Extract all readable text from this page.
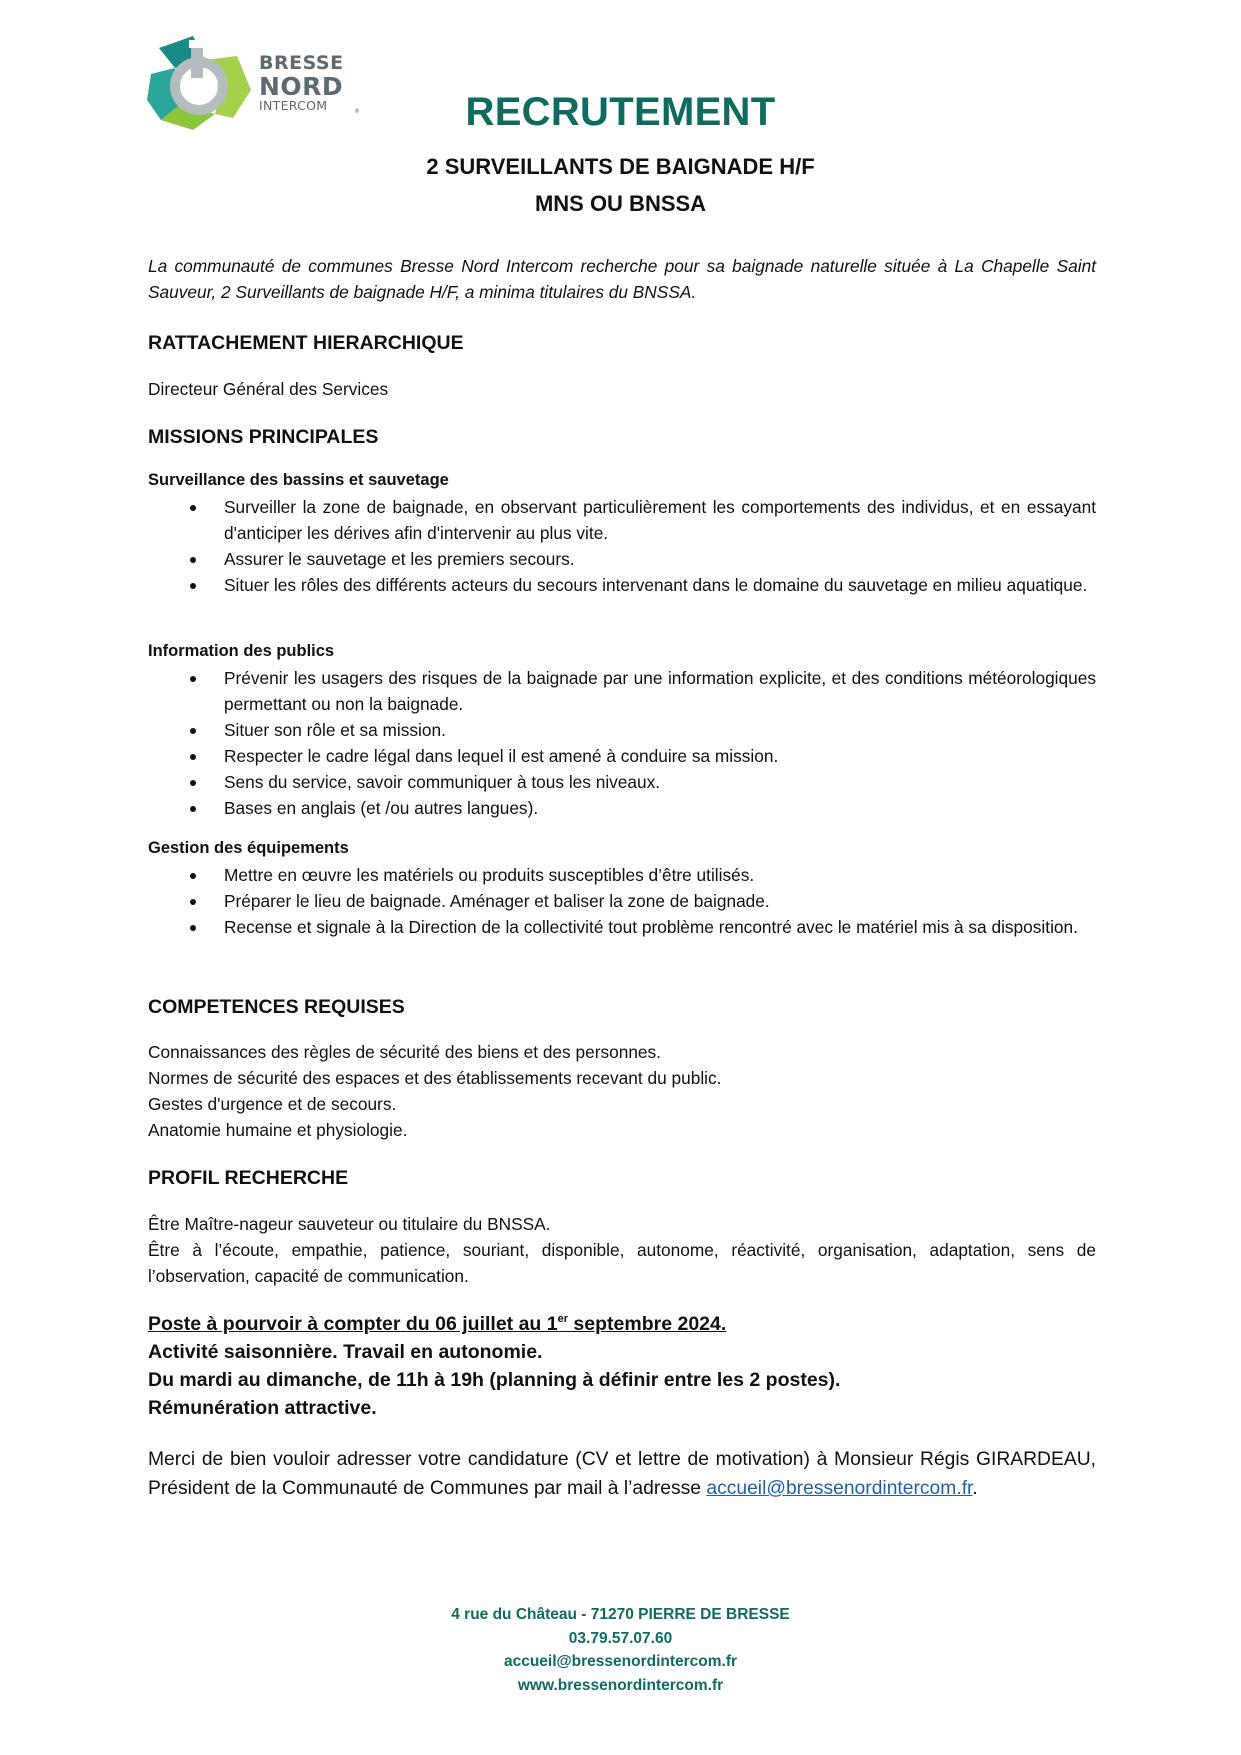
BRESSE
NORD
INTERCOM	®	RECRUTEMENT

2 SURVEILLANTS DE BAIGNADE H/F

MNS OU BNSSA

La communauté de communes Bresse Nord Intercom recherche pour sa baignade naturelle située à La Chapelle Saint Sauveur, 2 Surveillants de baignade H/F, a minima titulaires du BNSSA.

RATTACHEMENT HIERARCHIQUE

Directeur Général des Services

MISSIONS PRINCIPALES

Surveillance des bassins et sauvetage

Surveiller la zone de baignade, en observant particulièrement les comportements des individus, et en essayant d'anticiper les dérives afin d'intervenir au plus vite.
Assurer le sauvetage et les premiers secours.
Situer les rôles des différents acteurs du secours intervenant dans le domaine du sauvetage en milieu aquatique.

Information des publics

Prévenir les usagers des risques de la baignade par une information explicite, et des conditions météorologiques permettant ou non la baignade.
Situer son rôle et sa mission.
Respecter le cadre légal dans lequel il est amené à conduire sa mission.
Sens du service, savoir communiquer à tous les niveaux.
Bases en anglais (et /ou autres langues).

Gestion des équipements

Mettre en œuvre les matériels ou produits susceptibles d’être utilisés.
Préparer le lieu de baignade. Aménager et baliser la zone de baignade.
Recense et signale à la Direction de la collectivité tout problème rencontré avec le matériel mis à sa disposition.

COMPETENCES REQUISES

Connaissances des règles de sécurité des biens et des personnes.

Normes de sécurité des espaces et des établissements recevant du public.

Gestes d'urgence et de secours.

Anatomie humaine et physiologie.

PROFIL RECHERCHE

Être Maître-nageur sauveteur ou titulaire du BNSSA.

Être à l’écoute, empathie, patience, souriant, disponible, autonome, réactivité, organisation, adaptation, sens de l’observation, capacité de communication.

Poste à pourvoir à compter du 06 juillet au 1er septembre 2024.

Activité saisonnière. Travail en autonomie.

Du mardi au dimanche, de 11h à 19h (planning à définir entre les 2 postes).

Rémunération attractive.

Merci de bien vouloir adresser votre candidature (CV et lettre de motivation) à Monsieur Régis GIRARDEAU, Président de la Communauté de Communes par mail à l’adresse accueil@bressenordintercom.fr.

4 rue du Château - 71270 PIERRE DE BRESSE
03.79.57.07.60
accueil@bressenordintercom.fr
www.bressenordintercom.fr
